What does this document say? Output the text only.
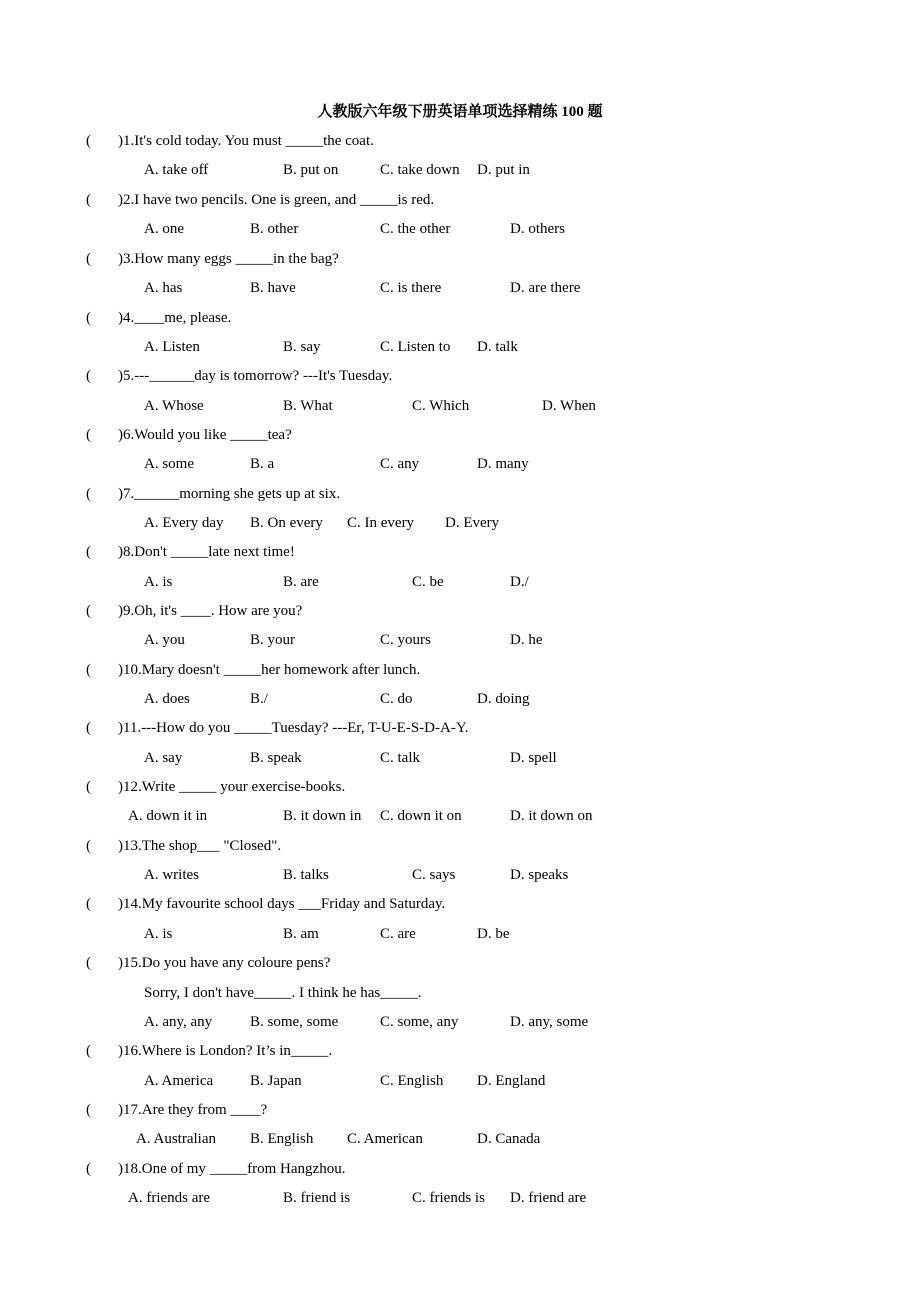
人教版六年级下册英语单项选择精练 100 题
( )1.It's cold today. You must _____the coat.
A. take off	B. put on	C. take down D. put in
( )2.I have two pencils. One is green, and _____is red.
A. one	B. other	C. the other	D. others
( )3.How many eggs _____in the bag?
A. has	B. have	C. is there	D. are there
( )4.____me, please.
A. Listen	B. say	C. Listen to D. talk
( )5.---______day is tomorrow? ---It's Tuesday.
A. Whose	B. What	C. Which	D. When
( )6.Would you like _____tea?
A. some	B. a	C. any	D. many
( )7.______morning she gets up at six.
A. Every day B. On every C. In every D. Every
( )8.Don't _____late next time!
A. is	B. are	C. be	D./
( )9.Oh, it's ____. How are you?
A. you	B. your	C. yours	D. he
( )10.Mary doesn't _____her homework after lunch.
A. does	B./	C. do	D. doing
( )11.---How do you _____Tuesday? ---Er, T-U-E-S-D-A-Y.
A. say	B. speak	C. talk	D. spell
( )12.Write _____ your exercise-books.
A. down it in	B. it down in C. down it on	D. it down on
( )13.The shop___ "Closed".
A. writes	B. talks	C. says	D. speaks
( )14.My favourite school days ___Friday and Saturday.
A. is	B. am	C. are	D. be
( )15.Do you have any coloure pens?
Sorry, I don't have_____. I think he has_____.
A. any, any	B. some, some	C. some, any	D. any, some
( )16.Where is London? It’s in_____.
A. America B. Japan	C. English D. England
( )17.Are they from ____?
A. Australian B. English C. American	D. Canada
( )18.One of my _____from Hangzhou.
A. friends are	B. friend is	C. friends is D. friend are
